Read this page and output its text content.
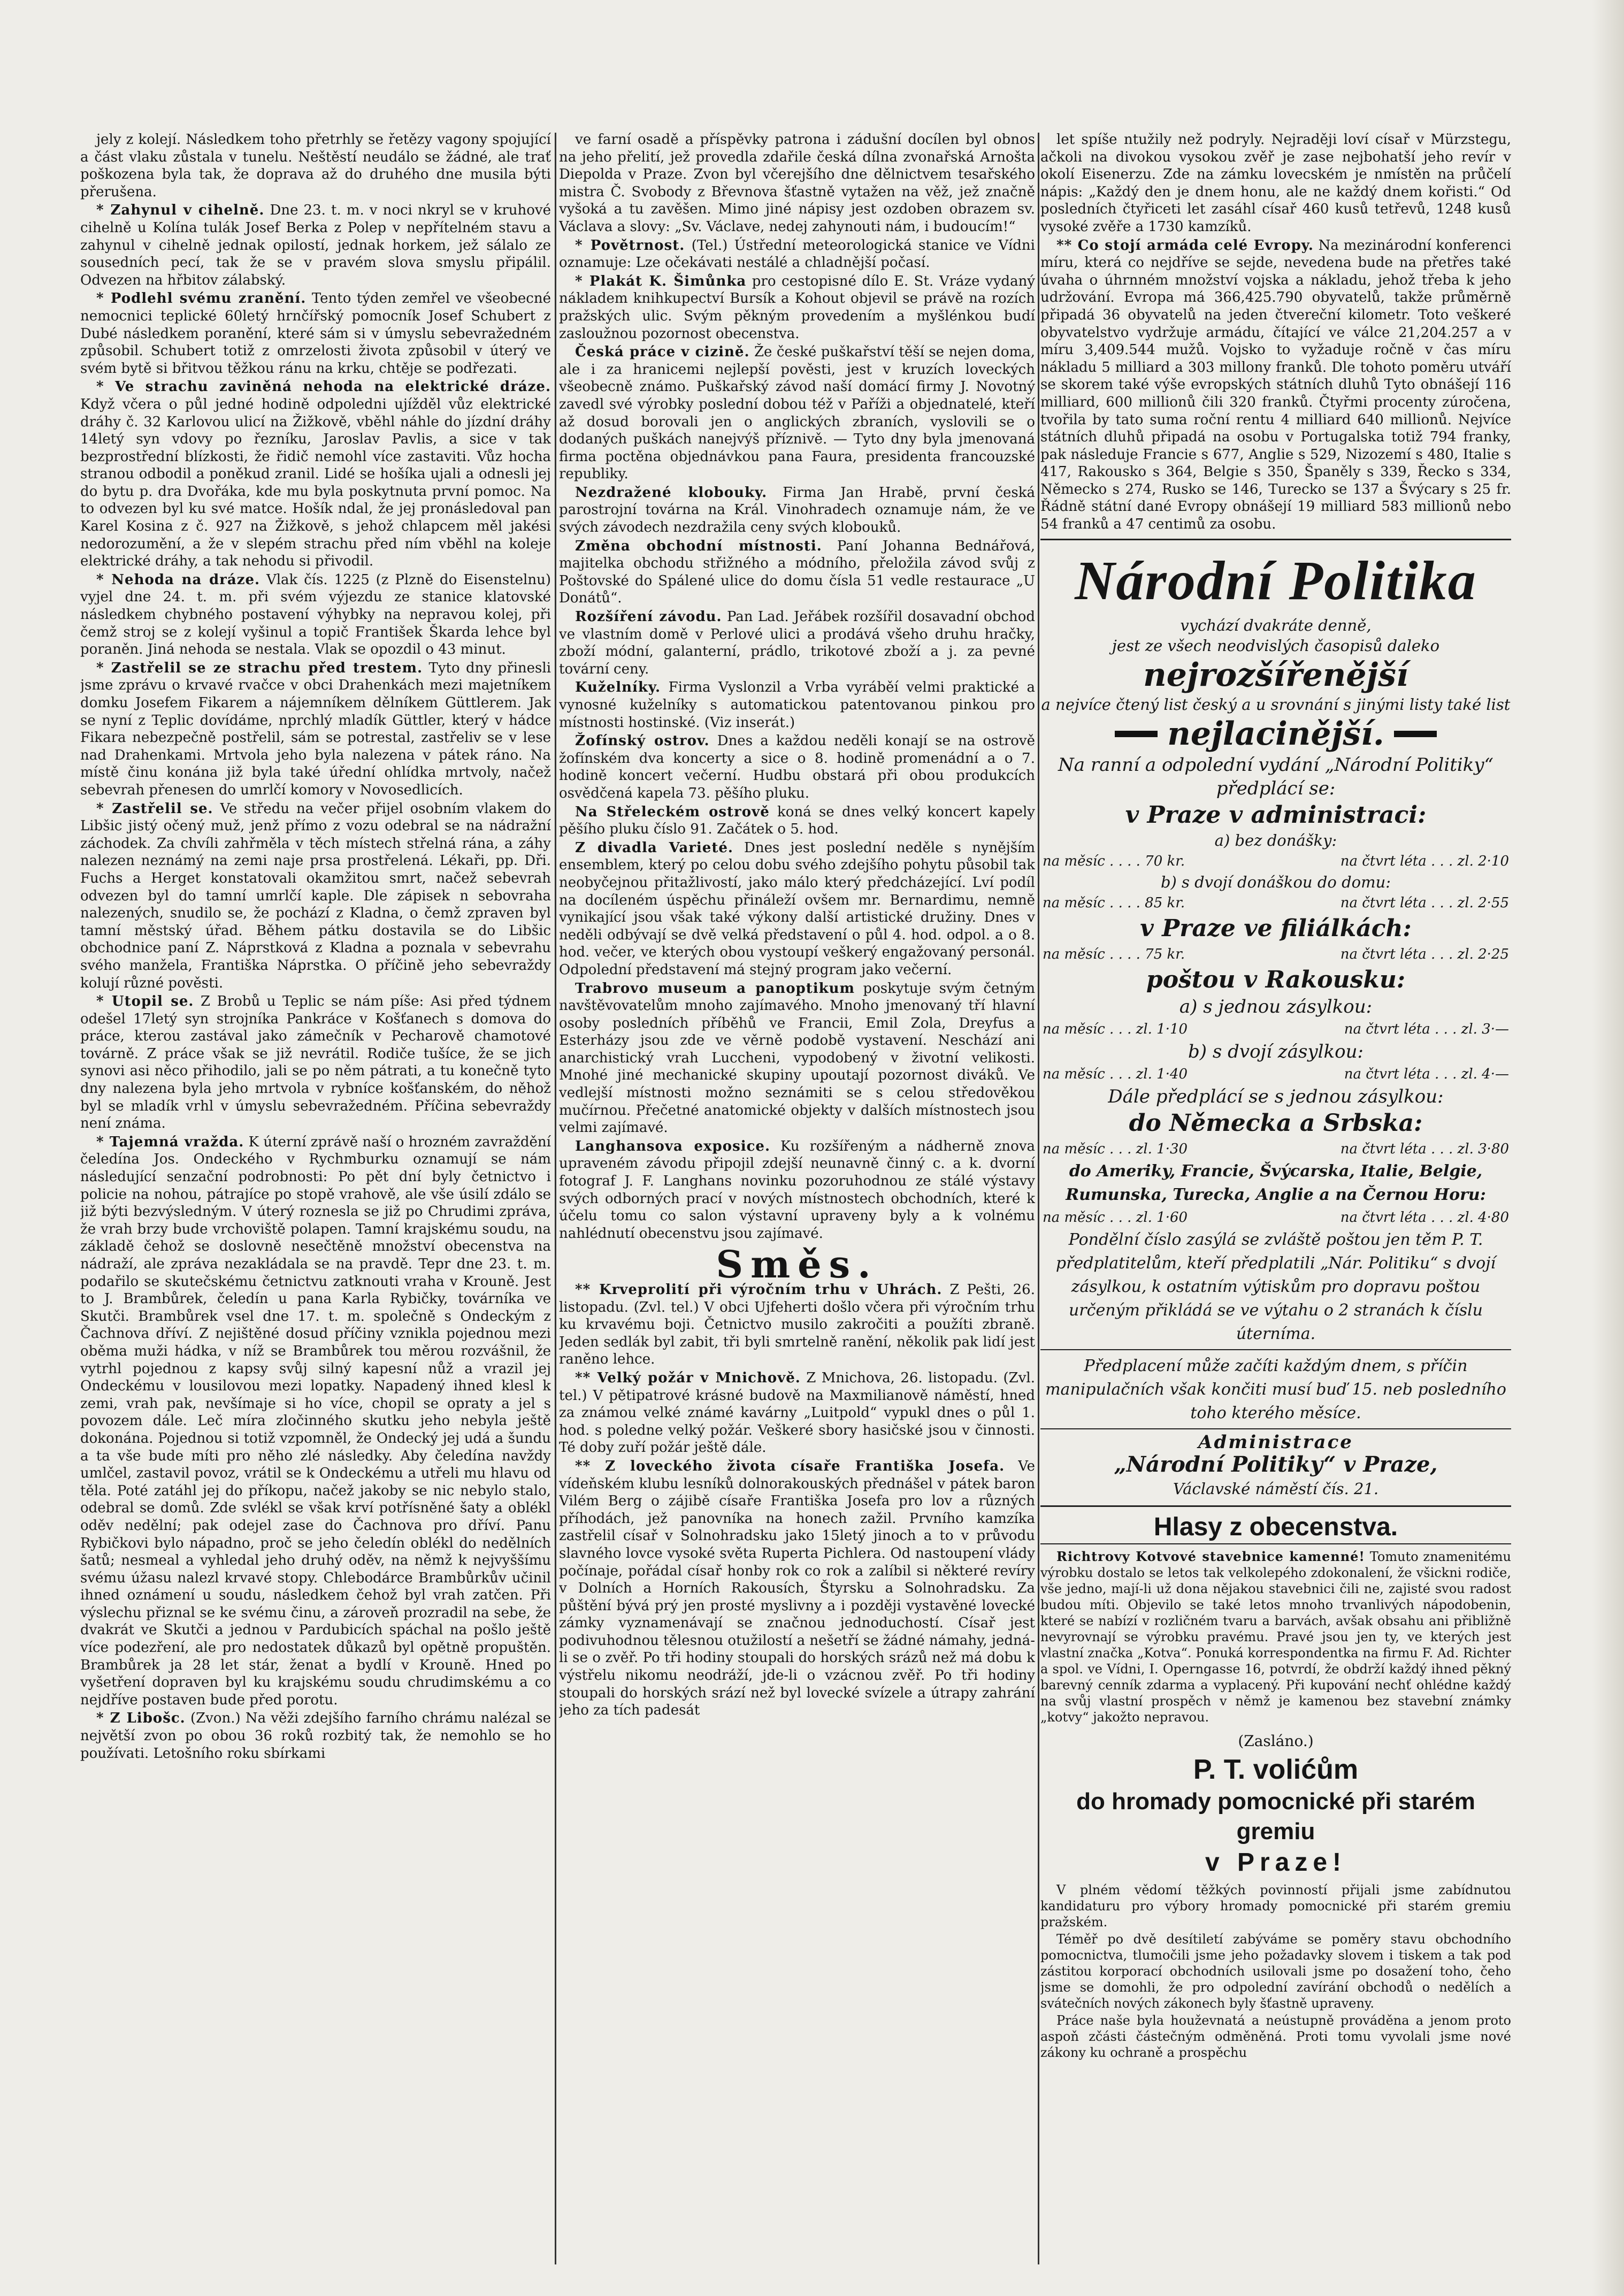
jely z kolejí. Následkem toho přetrhly se řetězy vagony spojující a část vlaku zůstala v tunelu. Neštěstí neudálo se žádné, ale trať poškozena byla tak, že doprava až do druhého dne musila býti přerušena.

* Zahynul v cihelně. Dne 23. t. m. v noci nkryl se v kruhové cihelně u Kolína tulák Josef Berka z Polep v nepřítelném stavu a zahynul v cihelně jednak opilostí, jednak horkem, jež sálalo ze sousedních pecí, tak že se v pravém slova smyslu připálil. Odvezen na hřbitov zálabský.

* Podlehl svému zranění. Tento týden zemřel ve všeobecné nemocnici teplické 60letý hrnčířský pomocník Josef Schubert z Dubé následkem poranění, které sám si v úmyslu sebevražedném způsobil. Schubert totiž z omrzelosti života způsobil v úterý ve svém bytě si břitvou těžkou ránu na krku, chtěje se podřezati.

* Ve strachu zaviněná nehoda na elektrické dráze. Když včera o půl jedné hodině odpoledni ujížděl vůz elektrické dráhy č. 32 Karlovou ulicí na Žižkově, vběhl náhle do jízdní dráhy 14letý syn vdovy po řezníku, Jaroslav Pavlis, a sice v tak bezprostřední blízkosti, že řidič nemohl více zastaviti. Vůz hocha stranou odbodil a poněkud zranil. Lidé se hošíka ujali a odnesli jej do bytu p. dra Dvořáka, kde mu byla poskytnuta první pomoc. Na to odvezen byl ku své matce. Hošík ndal, že jej pronásledoval pan Karel Kosina z č. 927 na Žižkově, s jehož chlapcem měl jakési nedorozumění, a že v slepém strachu před ním vběhl na koleje elektrické dráhy, a tak nehodu si přivodil.

* Nehoda na dráze. Vlak čís. 1225 (z Plzně do Eisenstelnu) vyjel dne 24. t. m. při svém výjezdu ze stanice klatovské následkem chybného postavení výhybky na nepravou kolej, při čemž stroj se z kolejí vyšinul a topič František Škarda lehce byl poraněn. Jiná nehoda se nestala. Vlak se opozdil o 43 minut.

* Zastřelil se ze strachu před trestem. Tyto dny přinesli jsme zprávu o krvavé rvačce v obci Drahenkách mezi majetníkem domku Josefem Fikarem a nájemníkem dělníkem Güttlerem. Jak se nyní z Teplic dovídáme, nprchlý mladík Güttler, který v hádce Fikara nebezpečně postřelil, sám se potrestal, zastřeliv se v lese nad Drahenkami. Mrtvola jeho byla nalezena v pátek ráno. Na místě činu konána již byla také úřední ohlídka mrtvoly, načež sebevrah přenesen do umrlčí komory v Novosedlicích.

* Zastřelil se. Ve středu na večer přijel osobním vlakem do Libšic jistý očený muž, jenž přímo z vozu odebral se na nádražní záchodek. Za chvíli zahřměla v těch místech střelná rána, a záhy nalezen neznámý na zemi naje prsa prostřelená. Lékaři, pp. Dři. Fuchs a Herget konstatovali okamžitou smrt, načež sebevrah odvezen byl do tamní umrlčí kaple. Dle zápisek n sebovraha nalezených, snudilo se, že pochází z Kladna, o čemž zpraven byl tamní městský úřad. Během pátku dostavila se do Libšic obchodnice paní Z. Náprstková z Kladna a poznala v sebevrahu svého manžela, Františka Náprstka. O příčině jeho sebevraždy kolují různé pověsti.

* Utopil se. Z Brobů u Teplic se nám píše: Asi před týdnem odešel 17letý syn strojníka Pankráce v Košťanech s domova do práce, kterou zastával jako zámečník v Pecharově chamotové továrně. Z práce však se již nevrátil. Rodiče tušíce, že se jich synovi asi něco přihodilo, jali se po něm pátrati, a tu konečně tyto dny nalezena byla jeho mrtvola v rybníce košťanském, do něhož byl se mladík vrhl v úmyslu sebevražedném. Příčina sebevraždy není známa.

* Tajemná vražda. K úterní zprávě naší o hrozném zavraždění čeledína Jos. Ondeckého v Rychmburku oznamují se nám následující senzační podrobnosti: Po pět dní byly četnictvo i policie na nohou, pátrajíce po stopě vrahově, ale vše úsilí zdálo se již býti bezvýsledným. V úterý roznesla se již po Chrudimi zpráva, že vrah brzy bude vrchoviště polapen. Tamní krajskému soudu, na základě čehož se doslovně nesečtěně množství obecenstva na nádraží, ale zpráva nezakládala se na pravdě. Tepr dne 23. t. m. podařilo se skutečskému četnictvu zatknouti vraha v Krouně. Jest to J. Brambůrek, čeledín u pana Karla Rybičky, továrníka ve Skutči. Brambůrek vsel dne 17. t. m. společně s Ondeckým z Čachnova dříví. Z nejištěné dosud příčiny vznikla pojednou mezi oběma muži hádka, v níž se Brambůrek tou měrou rozvášnil, že vytrhl pojednou z kapsy svůj silný kapesní nůž a vrazil jej Ondeckému v lousilovou mezi lopatky. Napadený ihned klesl k zemi, vrah pak, nevšímaje si ho více, chopil se opraty a jel s povozem dále. Leč míra zločinného skutku jeho nebyla ještě dokonána. Pojednou si totiž vzpomněl, že Ondecký jej udá a šundu a ta vše bude míti pro něho zlé následky. Aby čeledína navždy umlčel, zastavil povoz, vrátil se k Ondeckému a utřeli mu hlavu od těla. Poté zatáhl jej do příkopu, načež jakoby se nic nebylo stalo, odebral se domů. Zde svlékl se však krví potřísněné šaty a oblékl oděv nedělní; pak odejel zase do Čachnova pro dříví. Panu Rybičkovi bylo nápadno, proč se jeho čeledín oblékl do nedělních šatů; nesmeal a vyhledal jeho druhý oděv, na němž k nejvyššímu svému úžasu nalezl krvavé stopy. Chlebodárce Brambůrkův učinil ihned oznámení u soudu, následkem čehož byl vrah zatčen. Při výslechu přiznal se ke svému činu, a zároveň prozradil na sebe, že dvakrát ve Skutči a jednou v Pardubicích spáchal na pošlo ještě více podezření, ale pro nedostatek důkazů byl opětně propuštěn. Brambůrek ja 28 let stár, ženat a bydlí v Krouně. Hned po vyšetření dopraven byl ku krajskému soudu chrudimskému a co nejdříve postaven bude před porotu.

* Z Libošc. (Zvon.) Na věži zdejšího farního chrámu nalézal se největší zvon po obou 36 roků rozbitý tak, že nemohlo se ho používati. Letošního roku sbírkami

ve farní osadě a příspěvky patrona i zádušní docílen byl obnos na jeho přelití, jež provedla zdařile česká dílna zvonařská Arnošta Diepolda v Praze. Zvon byl včerejšího dne dělnictvem tesařského mistra Č. Svobody z Břevnova šťastně vytažen na věž, jež značně vyšoká a tu zavěšen. Mimo jiné nápisy jest ozdoben obrazem sv. Václava a slovy: „Sv. Václave, nedej zahynouti nám, i budoucím!“

* Povětrnost. (Tel.) Ústřední meteorologická stanice ve Vídni oznamuje: Lze očekávati nestálé a chladnější počasí.

* Plakát K. Šimůnka pro cestopisné dílo E. St. Vráze vydaný nákladem knihkupectví Bursík a Kohout objevil se právě na rozích pražských ulic. Svým pěkným provedením a myšlénkou budí zasloužnou pozornost obecenstva.

Česká práce v cizině. Že české puškařství těší se nejen doma, ale i za hranicemi nejlepší pověsti, jest v kruzích loveckých všeobecně známo. Puškařský závod naší domácí firmy J. Novotný zavedl své výrobky poslední dobou též v Paříži a objednatelé, kteří až dosud borovali jen o anglických zbraních, vyslovili se o dodaných puškách nanejvýš příznivě. — Tyto dny byla jmenovaná firma poctěna objednávkou pana Faura, presidenta francouzské republiky.

Nezdražené klobouky. Firma Jan Hrabě, první česká parostrojní továrna na Král. Vinohradech oznamuje nám, že ve svých závodech nezdražila ceny svých klobouků.

Změna obchodní místnosti. Paní Johanna Bednářová, majitelka obchodu střižného a módního, přeložila závod svůj z Poštovské do Spálené ulice do domu čísla 51 vedle restaurace „U Donátů“.

Rozšíření závodu. Pan Lad. Jeřábek rozšířil dosavadní obchod ve vlastním domě v Perlové ulici a prodává všeho druhu hračky, zboží módní, galanterní, prádlo, trikotové zboží a j. za pevné tovární ceny.

Kuželníky. Firma Vyslonzil a Vrba vyráběí velmi praktické a vynosné kuželníky s automatickou patentovanou pinkou pro místnosti hostinské. (Viz inserát.)

Žofínský ostrov. Dnes a každou neděli konají se na ostrově žofínském dva koncerty a sice o 8. hodině promenádní a o 7. hodině koncert večerní. Hudbu obstará při obou produkcích osvědčená kapela 73. pěšího pluku.

Na Střeleckém ostrově koná se dnes velký koncert kapely pěšího pluku číslo 91. Začátek o 5. hod.

Z divadla Varieté. Dnes jest poslední neděle s nynějším ensemblem, který po celou dobu svého zdejšího pohytu působil tak neobyčejnou přitažlivostí, jako málo který předcházející. Lví podíl na docíleném úspěchu přináleží ovšem mr. Bernardimu, nemně vynikající jsou však také výkony další artistické družiny. Dnes v neděli odbývají se dvě velká představení o půl 4. hod. odpol. a o 8. hod. večer, ve kterých obou vystoupí veškerý engažovaný personál. Odpolední představení má stejný program jako večerní.

Trabrovo museum a panoptikum poskytuje svým četným navštěvovatelům mnoho zajímavého. Mnoho jmenovaný tří hlavní osoby posledních příběhů ve Francii, Emil Zola, Dreyfus a Esterházy jsou zde ve věrně podobě vystavení. Neschází ani anarchistický vrah Luccheni, vypodobený v životní velikosti. Mnohé jiné mechanické skupiny upoutají pozornost diváků. Ve vedlejší místnosti možno seznámiti se s celou středověkou mučírnou. Přečetné anatomické objekty v dalších místnostech jsou velmi zajímavé.

Langhansova exposice. Ku rozšířeným a nádherně znova upraveném závodu připojil zdejší neunavně činný c. a k. dvorní fotograf J. F. Langhans novinku pozoruhodnou ze stálé výstavy svých odborných prací v nových místnostech obchodních, které k účelu tomu co salon výstavní upraveny byly a k volnému nahlédnutí obecenstvu jsou zajímavé.

Směs.

** Krveprolití při výročním trhu v Uhrách. Z Pešti, 26. listopadu. (Zvl. tel.) V obci Ujfeherti došlo včera při výročním trhu ku krvavému boji. Četnictvo musilo zakročiti a použíti zbraně. Jeden sedlák byl zabit, tři byli smrtelně ranění, několik pak lidí jest raněno lehce.

** Velký požár v Mnichově. Z Mnichova, 26. listopadu. (Zvl. tel.) V pětipatrové krásné budově na Maxmilianově náměstí, hned za známou velké známé kavárny „Luitpold“ vypukl dnes o půl 1. hod. s poledne velký požár. Veškeré sbory hasičské jsou v činnosti. Té doby zuří požár ještě dále.

** Z loveckého života císaře Františka Josefa. Ve vídeňském klubu lesníků dolnorakouských přednášel v pátek baron Vilém Berg o zájibě císaře Františka Josefa pro lov a různých příhodách, jež panovníka na honech zažil. Prvního kamzíka zastřelil císař v Solnohradsku jako 15letý jinoch a to v průvodu slavného lovce vysoké světa Ruperta Pichlera. Od nastoupení vlády počínaje, pořádal císař honby rok co rok a zalíbil si některé revíry v Dolních a Horních Rakousích, Štyrsku a Solnohradsku. Za půštění bývá prý jen prosté myslivny a i později vystavěné lovecké zámky vyznamenávají se značnou jednoduchostí. Císař jest podivuhodnou tělesnou otužilostí a nešetří se žádné námahy, jedná-li se o zvěř. Po tři hodiny stoupali do horských srázů než má dobu k výstřelu nikomu neodráží, jde-li o vzácnou zvěř. Po tři hodiny stoupali do horských srází než byl lovecké svízele a útrapy zahrání jeho za tích padesát

let spíše ntužily než podryly. Nejraději loví císař v Mürzstegu, ačkoli na divokou vysokou zvěř je zase nejbohatší jeho revír v okolí Eisenerzu. Zde na zámku lovecském je nmístěn na průčelí nápis: „Každý den je dnem honu, ale ne každý dnem kořisti.“ Od posledních čtyřiceti let zasáhl císař 460 kusů tetřevů, 1248 kusů vysoké zvěře a 1730 kamzíků.

** Co stojí armáda celé Evropy. Na mezinárodní konferenci míru, která co nejdříve se sejde, nevedena bude na přetřes také úvaha o úhrnném množství vojska a nákladu, jehož třeba k jeho udržování. Evropa má 366,425.790 obyvatelů, takže průměrně připadá 36 obyvatelů na jeden čtvereční kilometr. Toto veškeré obyvatelstvo vydržuje armádu, čítající ve válce 21,204.257 a v míru 3,409.544 mužů. Vojsko to vyžaduje ročně v čas míru nákladu 5 milliard a 303 millony franků. Dle tohoto poměru utváří se skorem také výše evropských státních dluhů Tyto obnášejí 116 milliard, 600 millionů čili 320 franků. Čtyřmi procenty zúročena, tvořila by tato suma roční rentu 4 milliard 640 millionů. Nejvíce státních dluhů připadá na osobu v Portugalska totiž 794 franky, pak následuje Francie s 677, Anglie s 529, Nizozemí s 480, Italie s 417, Rakousko s 364, Belgie s 350, Španěly s 339, Řecko s 334, Německo s 274, Rusko se 146, Turecko se 137 a Švýcary s 25 fr. Řádně státní dané Evropy obnášejí 19 milliard 583 millionů nebo 54 franků a 47 centimů za osobu.

Národní Politika
vychází dvakráte denně,
jest ze všech neodvislých časopisů daleko
nejrozšířenější
a nejvíce čtený list český a u srovnání s jinými listy také list
nejlacinější.
Na ranní a odpolední vydání „Národní Politiky“ předplácí se:
v Praze v administraci:
a) bez donášky:
na měsíc . . . . 70 kr.	na čtvrt léta . . . zl. 2·10
b) s dvojí donáškou do domu:
na měsíc . . . . 85 kr.	na čtvrt léta . . . zl. 2·55
v Praze ve filiálkách:
na měsíc . . . . 75 kr.	na čtvrt léta . . . zl. 2·25
poštou v Rakousku:
a) s jednou zásylkou:
na měsíc . . . zl. 1·10	na čtvrt léta . . . zl. 3·—
b) s dvojí zásylkou:
na měsíc . . . zl. 1·40	na čtvrt léta . . . zl. 4·—
Dále předplácí se s jednou zásylkou:
do Německa a Srbska:
na měsíc . . . zl. 1·30	na čtvrt léta . . . zl. 3·80
do Ameriky, Francie, Švýcarska, Italie, Belgie, Rumunska, Turecka, Anglie a na Černou Horu:
na měsíc . . . zl. 1·60	na čtvrt léta . . . zl. 4·80
Pondělní číslo zasýlá se zvláště poštou jen těm P. T. předplatitelům, kteří předplatili „Nár. Politiku“ s dvojí zásylkou, k ostatním výtiskům pro dopravu poštou určeným přikládá se ve výtahu o 2 stranách k číslu úterníma.
Předplacení může začíti každým dnem, s příčin manipulačních však končiti musí buď 15. neb posledního toho kterého měsíce.
Administrace
„Národní Politiky“ v Praze,
Václavské náměstí čís. 21.
Hlasy z obecenstva.

Richtrovy Kotvové stavebnice kamenné! Tomuto znamenitému výrobku dostalo se letos tak velkolepého zdokonalení, že všickni rodiče, vše jedno, mají-li už dona nějakou stavebnici čili ne, zajisté svou radost budou míti. Objevilo se také letos mnoho trvanlivých nápodobenin, které se nabízí v rozličném tvaru a barvách, avšak obsahu ani přibližně nevyrovnají se výrobku pravému. Pravé jsou jen ty, ve kterých jest vlastní značka „Kotva“. Ponuká korrespondentka na firmu F. Ad. Richter a spol. ve Vídni, I. Operngasse 16, potvrdí, že obdrží každý ihned pěkný barevný cenník zdarma a vyplacený. Při kupování nechť ohlédne každý na svůj vlastní prospěch v němž je kamenou bez stavební známky „kotvy“ jakožto nepravou.

(Zasláno.)
P. T. volićům
do hromady pomocnické při starém gremiu
v Praze!

V plném vědomí těžkých povinností přijali jsme zabídnutou kandidaturu pro výbory hromady pomocnické při starém gremiu pražském.

Téměř po dvě desítiletí zabýváme se poměry stavu obchodního pomocnictva, tlumočili jsme jeho požadavky slovem i tiskem a tak pod zástitou korporací obchodních usilovali jsme po dosažení toho, čeho jsme se domohli, že pro odpolední zavírání obchodů o nedělích a svátečních nových zákonech byly šťastně upraveny.

Práce naše byla houževnatá a neústupně prováděna a jenom proto aspoň zčásti částečným odměněná. Proti tomu vyvolali jsme nové zákony ku ochraně a prospěchu
